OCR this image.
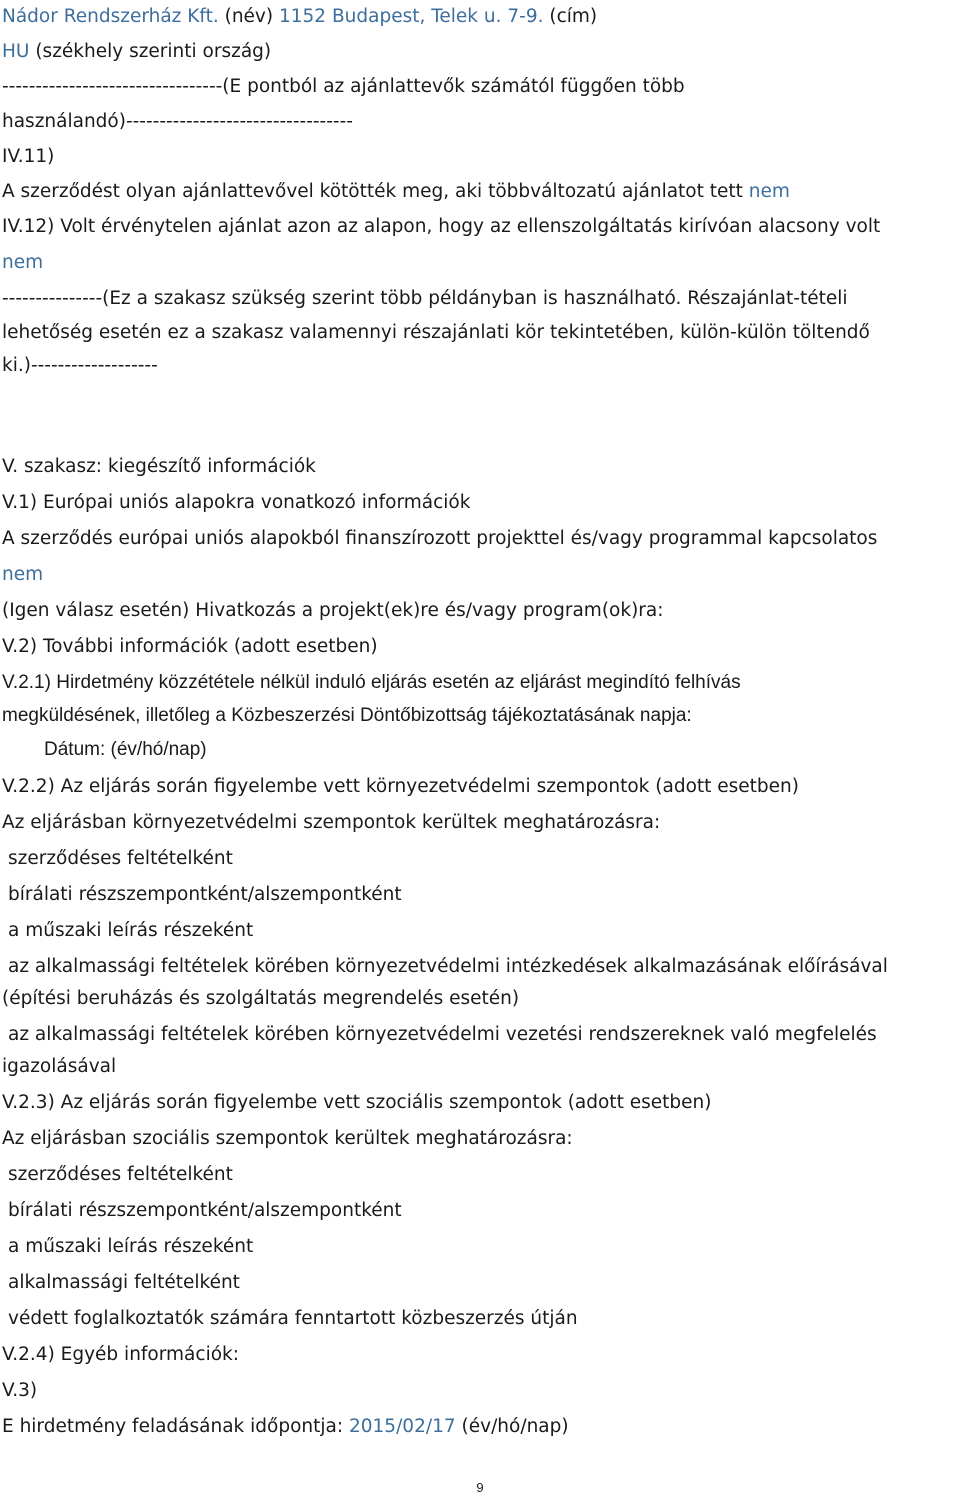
Nádor Rendszerház Kft. (név) 1152 Budapest, Telek u. 7-9. (cím)
HU (székhely szerinti ország)
---------------------------------(E pontból az ajánlattevők számától függően több
használandó)----------------------------------
IV.11)
A szerződést olyan ajánlattevővel kötötték meg, aki többváltozatú ajánlatot tett nem
IV.12) Volt érvénytelen ajánlat azon az alapon, hogy az ellenszolgáltatás kirívóan alacsony volt
nem
---------------(Ez a szakasz szükség szerint több példányban is használható. Részajánlat-tételi
lehetőség esetén ez a szakasz valamennyi részajánlati kör tekintetében, külön-külön töltendő
ki.)-------------------
V. szakasz: kiegészítő információk
V.1) Európai uniós alapokra vonatkozó információk
A szerződés európai uniós alapokból finanszírozott projekttel és/vagy programmal kapcsolatos
nem
(Igen válasz esetén) Hivatkozás a projekt(ek)re és/vagy program(ok)ra:
V.2) További információk (adott esetben)
V.2.1) Hirdetmény közzététele nélkül induló eljárás esetén az eljárást megindító felhívás
megküldésének, illetőleg a Közbeszerzési Döntőbizottság tájékoztatásának napja:
Dátum: (év/hó/nap)
V.2.2) Az eljárás során figyelembe vett környezetvédelmi szempontok (adott esetben)
Az eljárásban környezetvédelmi szempontok kerültek meghatározásra:
szerződéses feltételként
bírálati részszempontként/alszempontként
a műszaki leírás részeként
az alkalmassági feltételek körében környezetvédelmi intézkedések alkalmazásának előírásával
(építési beruházás és szolgáltatás megrendelés esetén)
az alkalmassági feltételek körében környezetvédelmi vezetési rendszereknek való megfelelés
igazolásával
V.2.3) Az eljárás során figyelembe vett szociális szempontok (adott esetben)
Az eljárásban szociális szempontok kerültek meghatározásra:
szerződéses feltételként
bírálati részszempontként/alszempontként
a műszaki leírás részeként
alkalmassági feltételként
védett foglalkoztatók számára fenntartott közbeszerzés útján
V.2.4) Egyéb információk:
V.3)
E hirdetmény feladásának időpontja: 2015/02/17 (év/hó/nap)
9
